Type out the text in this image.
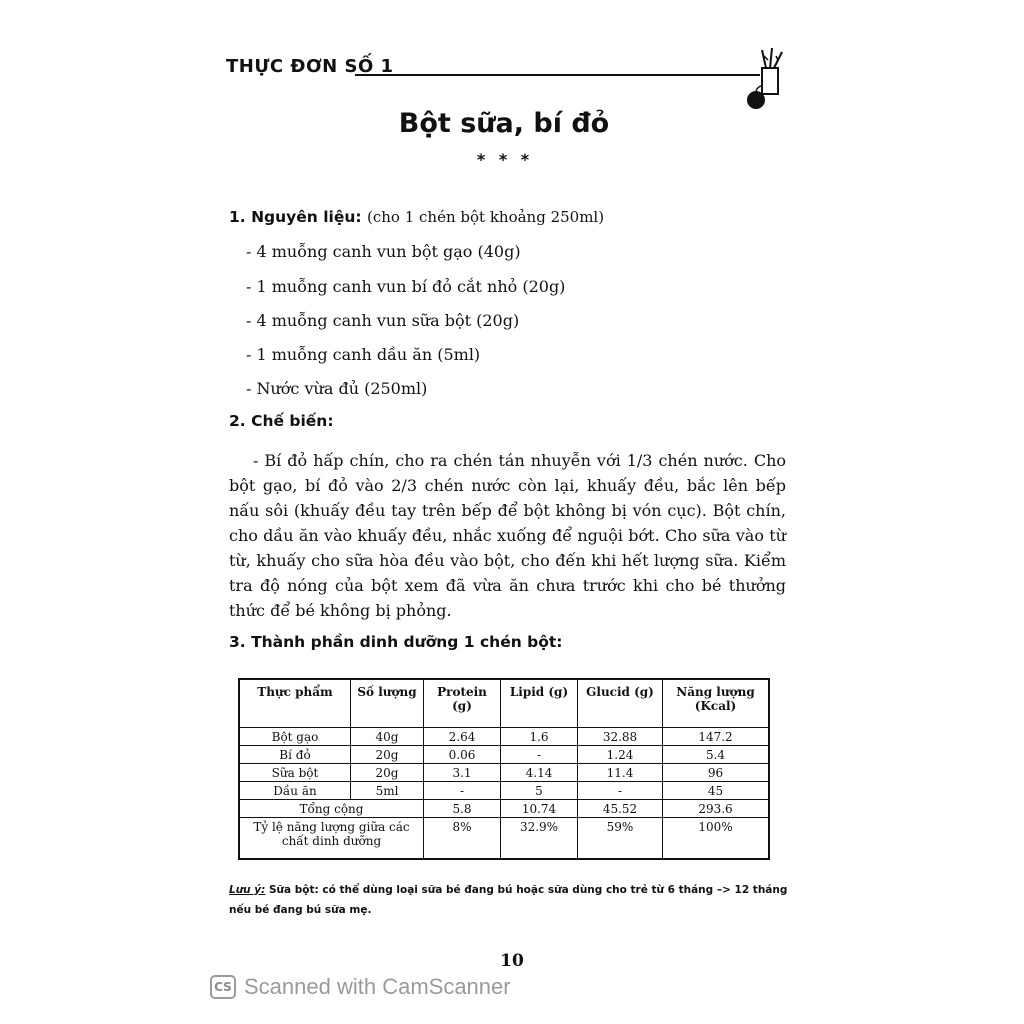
THỰC ĐƠN SỐ 1
Bột sữa, bí đỏ
* * *
1. Nguyên liệu: (cho 1 chén bột khoảng 250ml)
- 4 muỗng canh vun bột gạo (40g)
- 1 muỗng canh vun bí đỏ cắt nhỏ (20g)
- 4 muỗng canh vun sữa bột (20g)
- 1 muỗng canh dầu ăn (5ml)
- Nước vừa đủ (250ml)
2. Chế biến:
- Bí đỏ hấp chín, cho ra chén tán nhuyễn với 1/3 chén nước. Cho bột gạo, bí đỏ vào 2/3 chén nước còn lại, khuấy đều, bắc lên bếp nấu sôi (khuấy đều tay trên bếp để bột không bị vón cục). Bột chín, cho dầu ăn vào khuấy đều, nhắc xuống để nguội bớt. Cho sữa vào từ từ, khuấy cho sữa hòa đều vào bột, cho đến khi hết lượng sữa. Kiểm tra độ nóng của bột xem đã vừa ăn chưa trước khi cho bé thưởng thức để bé không bị phỏng.
3. Thành phần dinh dưỡng 1 chén bột:
Thực phẩm	Số lượng	Protein (g)	Lipid (g)	Glucid (g)	Năng lượng (Kcal)
Bột gạo	40g	2.64	1.6	32.88	147.2
Bí đỏ	20g	0.06	-	1.24	5.4
Sữa bột	20g	3.1	4.14	11.4	96
Dầu ăn	5ml	-	5	-	45
Tổng cộng		5.8	10.74	45.52	293.6
Tỷ lệ năng lượng giữa các chất dinh dưỡng		8%	32.9%	59%	100%
Lưu ý: Sữa bột: có thể dùng loại sữa bé đang bú hoặc sữa dùng cho trẻ từ 6 tháng –> 12 tháng nếu bé đang bú sữa mẹ.
10
CS Scanned with CamScanner
